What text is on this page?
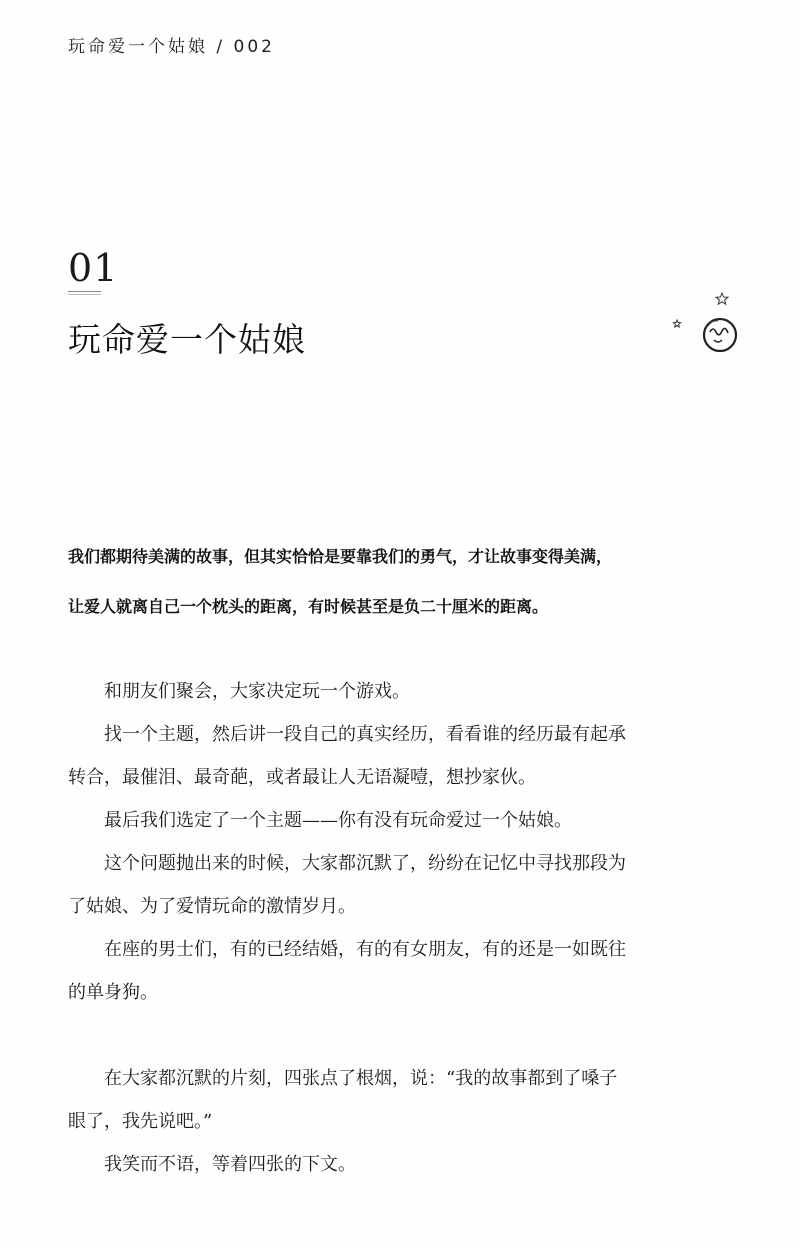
玩命爱一个姑娘 / 002
01
玩命爱一个姑娘

我们都期待美满的故事，但其实恰恰是要靠我们的勇气，才让故事变得美满，

让爱人就离自己一个枕头的距离，有时候甚至是负二十厘米的距离。

和朋友们聚会，大家决定玩一个游戏。

找一个主题，然后讲一段自己的真实经历，看看谁的经历最有起承
转合，最催泪、最奇葩，或者最让人无语凝噎，想抄家伙。

最后我们选定了一个主题——你有没有玩命爱过一个姑娘。

这个问题抛出来的时候，大家都沉默了，纷纷在记忆中寻找那段为
了姑娘、为了爱情玩命的激情岁月。

在座的男士们，有的已经结婚，有的有女朋友，有的还是一如既往
的单身狗。

在大家都沉默的片刻，四张点了根烟，说：“我的故事都到了嗓子
眼了，我先说吧。”

我笑而不语，等着四张的下文。
